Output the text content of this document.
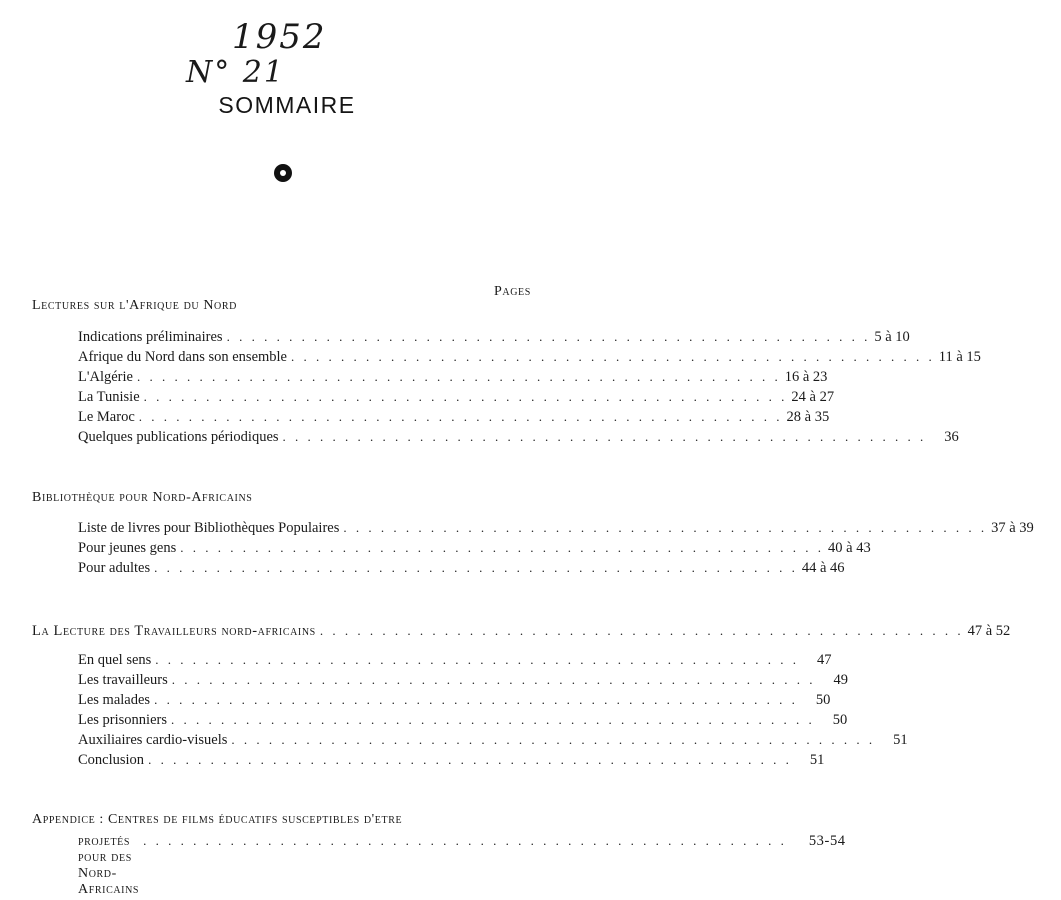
1952
N° 21
SOMMAIRE
Pages
Lectures sur l'Afrique du Nord
Indications préliminaires . . . . . . . . . . . . . . . . . . . . . . . . . . . . . . . . . . . . . . . . . . . . . . . . . . . . 5 à 10
Afrique du Nord dans son ensemble . . . . . . . . . . . . . . . . . . . . . . . . . . . . . . . . . . . . . . . . . . . . . . . . . . . . 11 à 15
L'Algérie . . . . . . . . . . . . . . . . . . . . . . . . . . . . . . . . . . . . . . . . . . . . . . . . . . . . 16 à 23
La Tunisie . . . . . . . . . . . . . . . . . . . . . . . . . . . . . . . . . . . . . . . . . . . . . . . . . . . . 24 à 27
Le Maroc . . . . . . . . . . . . . . . . . . . . . . . . . . . . . . . . . . . . . . . . . . . . . . . . . . . . 28 à 35
Quelques publications périodiques . . . . . . . . . . . . . . . . . . . . . . . . . . . . . . . . . . . . . . . . . . . . . . . . . . . .	36
Bibliothèque pour Nord-Africains
Liste de livres pour Bibliothèques Populaires . . . . . . . . . . . . . . . . . . . . . . . . . . . . . . . . . . . . . . . . . . . . . . . . . . . . 37 à 39
Pour jeunes gens . . . . . . . . . . . . . . . . . . . . . . . . . . . . . . . . . . . . . . . . . . . . . . . . . . . . 40 à 43
Pour adultes . . . . . . . . . . . . . . . . . . . . . . . . . . . . . . . . . . . . . . . . . . . . . . . . . . . . 44 à 46
La Lecture des Travailleurs nord-africains . . . . . . . . . . . . . . . . . . . . . . . . . . . . . . . . . . . . . . . . . . . . . . . . . . . . 47 à 52
En quel sens . . . . . . . . . . . . . . . . . . . . . . . . . . . . . . . . . . . . . . . . . . . . . . . . . . . .	47
Les travailleurs . . . . . . . . . . . . . . . . . . . . . . . . . . . . . . . . . . . . . . . . . . . . . . . . . . . .	49
Les malades . . . . . . . . . . . . . . . . . . . . . . . . . . . . . . . . . . . . . . . . . . . . . . . . . . . .	50
Les prisonniers . . . . . . . . . . . . . . . . . . . . . . . . . . . . . . . . . . . . . . . . . . . . . . . . . . . .	50
Auxiliaires cardio-visuels . . . . . . . . . . . . . . . . . . . . . . . . . . . . . . . . . . . . . . . . . . . . . . . . . . . .	51
Conclusion . . . . . . . . . . . . . . . . . . . . . . . . . . . . . . . . . . . . . . . . . . . . . . . . . . . .	51
Appendice : Centres de films éducatifs susceptibles d'etre
projetés pour des Nord-Africains
. . . . . . . . . . . . . . . . . . . . . . . . . . . . . . . . . . . . . . . . . . . . . . . . . . . . 53-54
